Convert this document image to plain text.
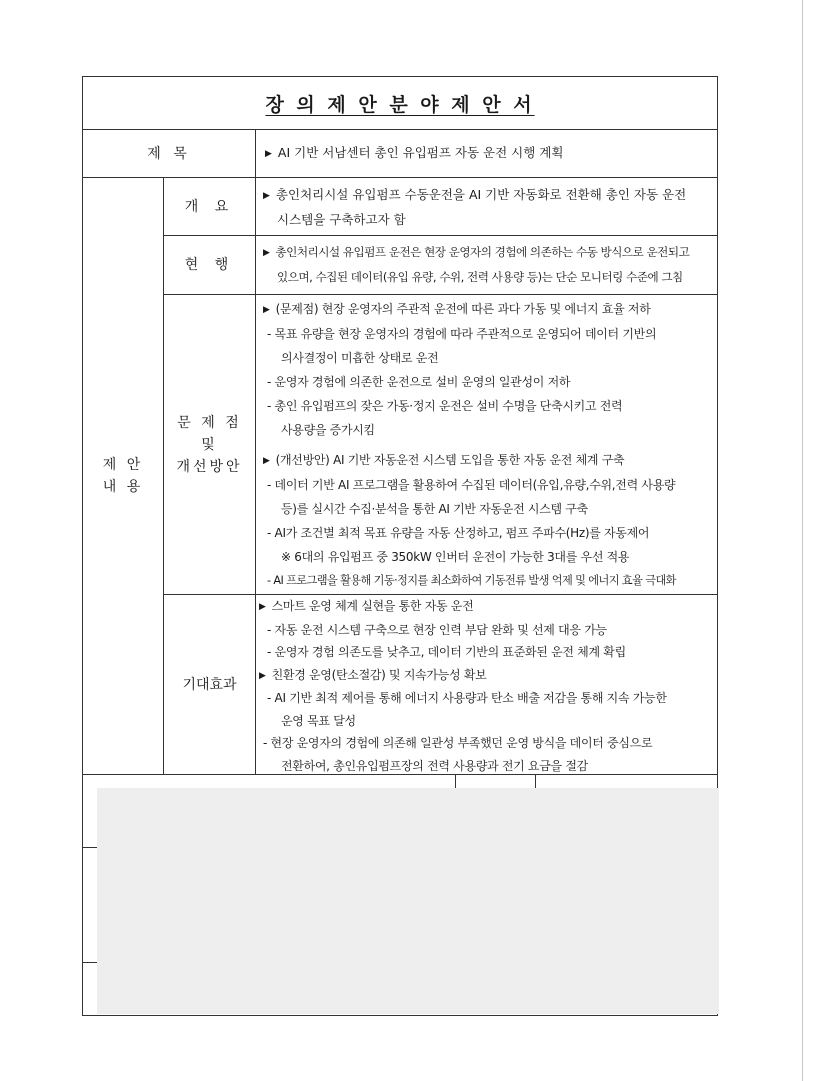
장 의 제 안 분 야 제 안 서
제 목	▶ AI 기반 서남센터 총인 유입펌프 자동 운전 시행 계획
제 안
내 용
개 요
▶ 총인처리시설 유입펌프 수동운전을 AI 기반 자동화로 전환해 총인 자동 운전
시스템을 구축하고자 함
현 행
▶ 총인처리시설 유입펌프 운전은 현장 운영자의 경험에 의존하는 수동 방식으로 운전되고
있으며, 수집된 데이터(유입 유량, 수위, 전력 사용량 등)는 단순 모니터링 수준에 그침
문 제 점
및
개선방안
▶ (문제점) 현장 운영자의 주관적 운전에 따른 과다 가동 및 에너지 효율 저하
- 목표 유량을 현장 운영자의 경험에 따라 주관적으로 운영되어 데이터 기반의
의사결정이 미흡한 상태로 운전
- 운영자 경험에 의존한 운전으로 설비 운영의 일관성이 저하
- 총인 유입펌프의 잦은 가동·정지 운전은 설비 수명을 단축시키고 전력
사용량을 증가시킴
▶ (개선방안) AI 기반 자동운전 시스템 도입을 통한 자동 운전 체계 구축
- 데이터 기반 AI 프로그램을 활용하여 수집된 데이터(유입,유량,수위,전력 사용량
등)를 실시간 수집·분석을 통한 AI 기반 자동운전 시스템 구축
- AI가 조건별 최적 목표 유량을 자동 산정하고, 펌프 주파수(Hz)를 자동제어
※ 6대의 유입펌프 중 350kW 인버터 운전이 가능한 3대를 우선 적용
- AI 프로그램을 활용해 기동·정지를 최소화하여 기동전류 발생 억제 및 에너지 효율 극대화
기대효과
▶ 스마트 운영 체계 실현을 통한 자동 운전
- 자동 운전 시스템 구축으로 현장 인력 부담 완화 및 선제 대응 가능
- 운영자 경험 의존도를 낮추고, 데이터 기반의 표준화된 운전 체계 확립
▶ 친환경 운영(탄소절감) 및 지속가능성 확보
- AI 기반 최적 제어를 통해 에너지 사용량과 탄소 배출 저감을 통해 지속 가능한
운영 목표 달성
- 현장 운영자의 경험에 의존해 일관성 부족했던 운영 방식을 데이터 중심으로
전환하여, 총인유입펌프장의 전력 사용량과 전기 요금을 절감
